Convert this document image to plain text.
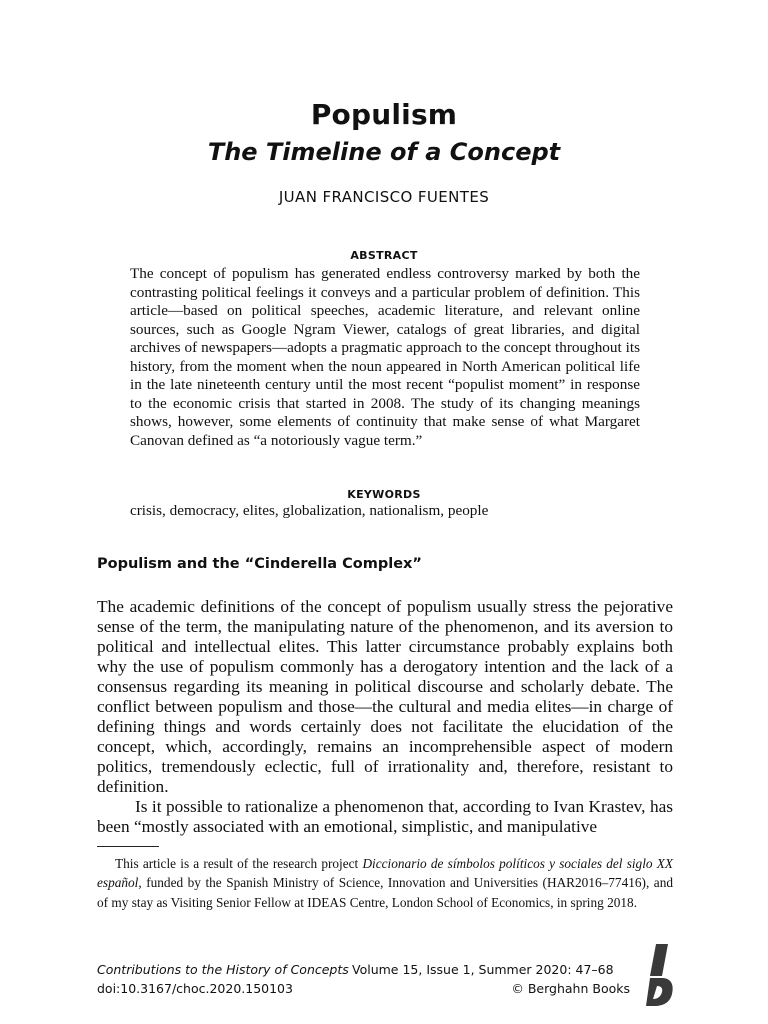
Populism
The Timeline of a Concept
JUAN FRANCISCO FUENTES
ABSTRACT

The concept of populism has generated endless controversy marked by both the contrasting political feelings it conveys and a particular problem of definition. This article—based on political speeches, academic literature, and relevant online sources, such as Google Ngram Viewer, catalogs of great libraries, and digital archives of newspapers—adopts a pragmatic approach to the concept throughout its history, from the moment when the noun appeared in North American political life in the late nineteenth century until the most recent “populist moment” in response to the economic crisis that started in 2008. The study of its changing meanings shows, however, some elements of continuity that make sense of what Margaret Canovan defined as “a notoriously vague term.”

KEYWORDS
crisis, democracy, elites, globalization, nationalism, people
Populism and the “Cinderella Complex”

The academic definitions of the concept of populism usually stress the pejorative sense of the term, the manipulating nature of the phenomenon, and its aversion to political and intellectual elites. This latter circumstance probably explains both why the use of populism commonly has a derogatory intention and the lack of a consensus regarding its meaning in political discourse and scholarly debate. The conflict between populism and those—the cultural and media elites—in charge of defining things and words certainly does not facilitate the elucidation of the concept, which, accordingly, remains an incomprehensible aspect of modern politics, tremendously eclectic, full of irrationality and, therefore, resistant to definition.

Is it possible to rationalize a phenomenon that, according to Ivan Krastev, has been “mostly associated with an emotional, simplistic, and manipulative

This article is a result of the research project Diccionario de símbolos políticos y sociales del siglo XX español, funded by the Spanish Ministry of Science, Innovation and Universities (HAR2016–77416), and of my stay as Visiting Senior Fellow at IDEAS Centre, London School of Economics, in spring 2018.

Contributions to the History of Concepts Volume 15, Issue 1, Summer 2020: 47–68
doi:10.3167/choc.2020.150103	© Berghahn Books
